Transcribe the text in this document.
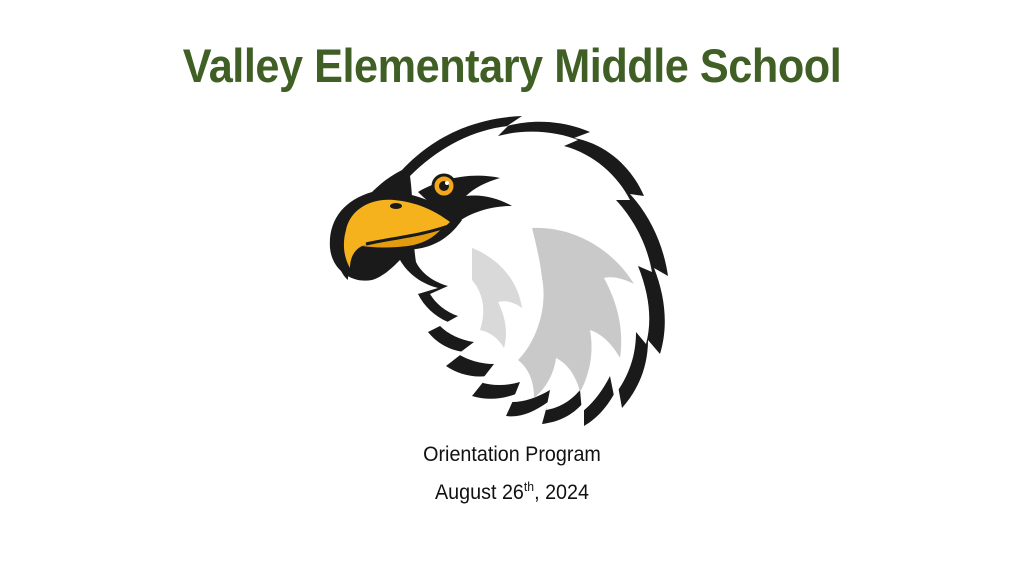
Valley Elementary Middle School
Orientation Program
August 26th, 2024
